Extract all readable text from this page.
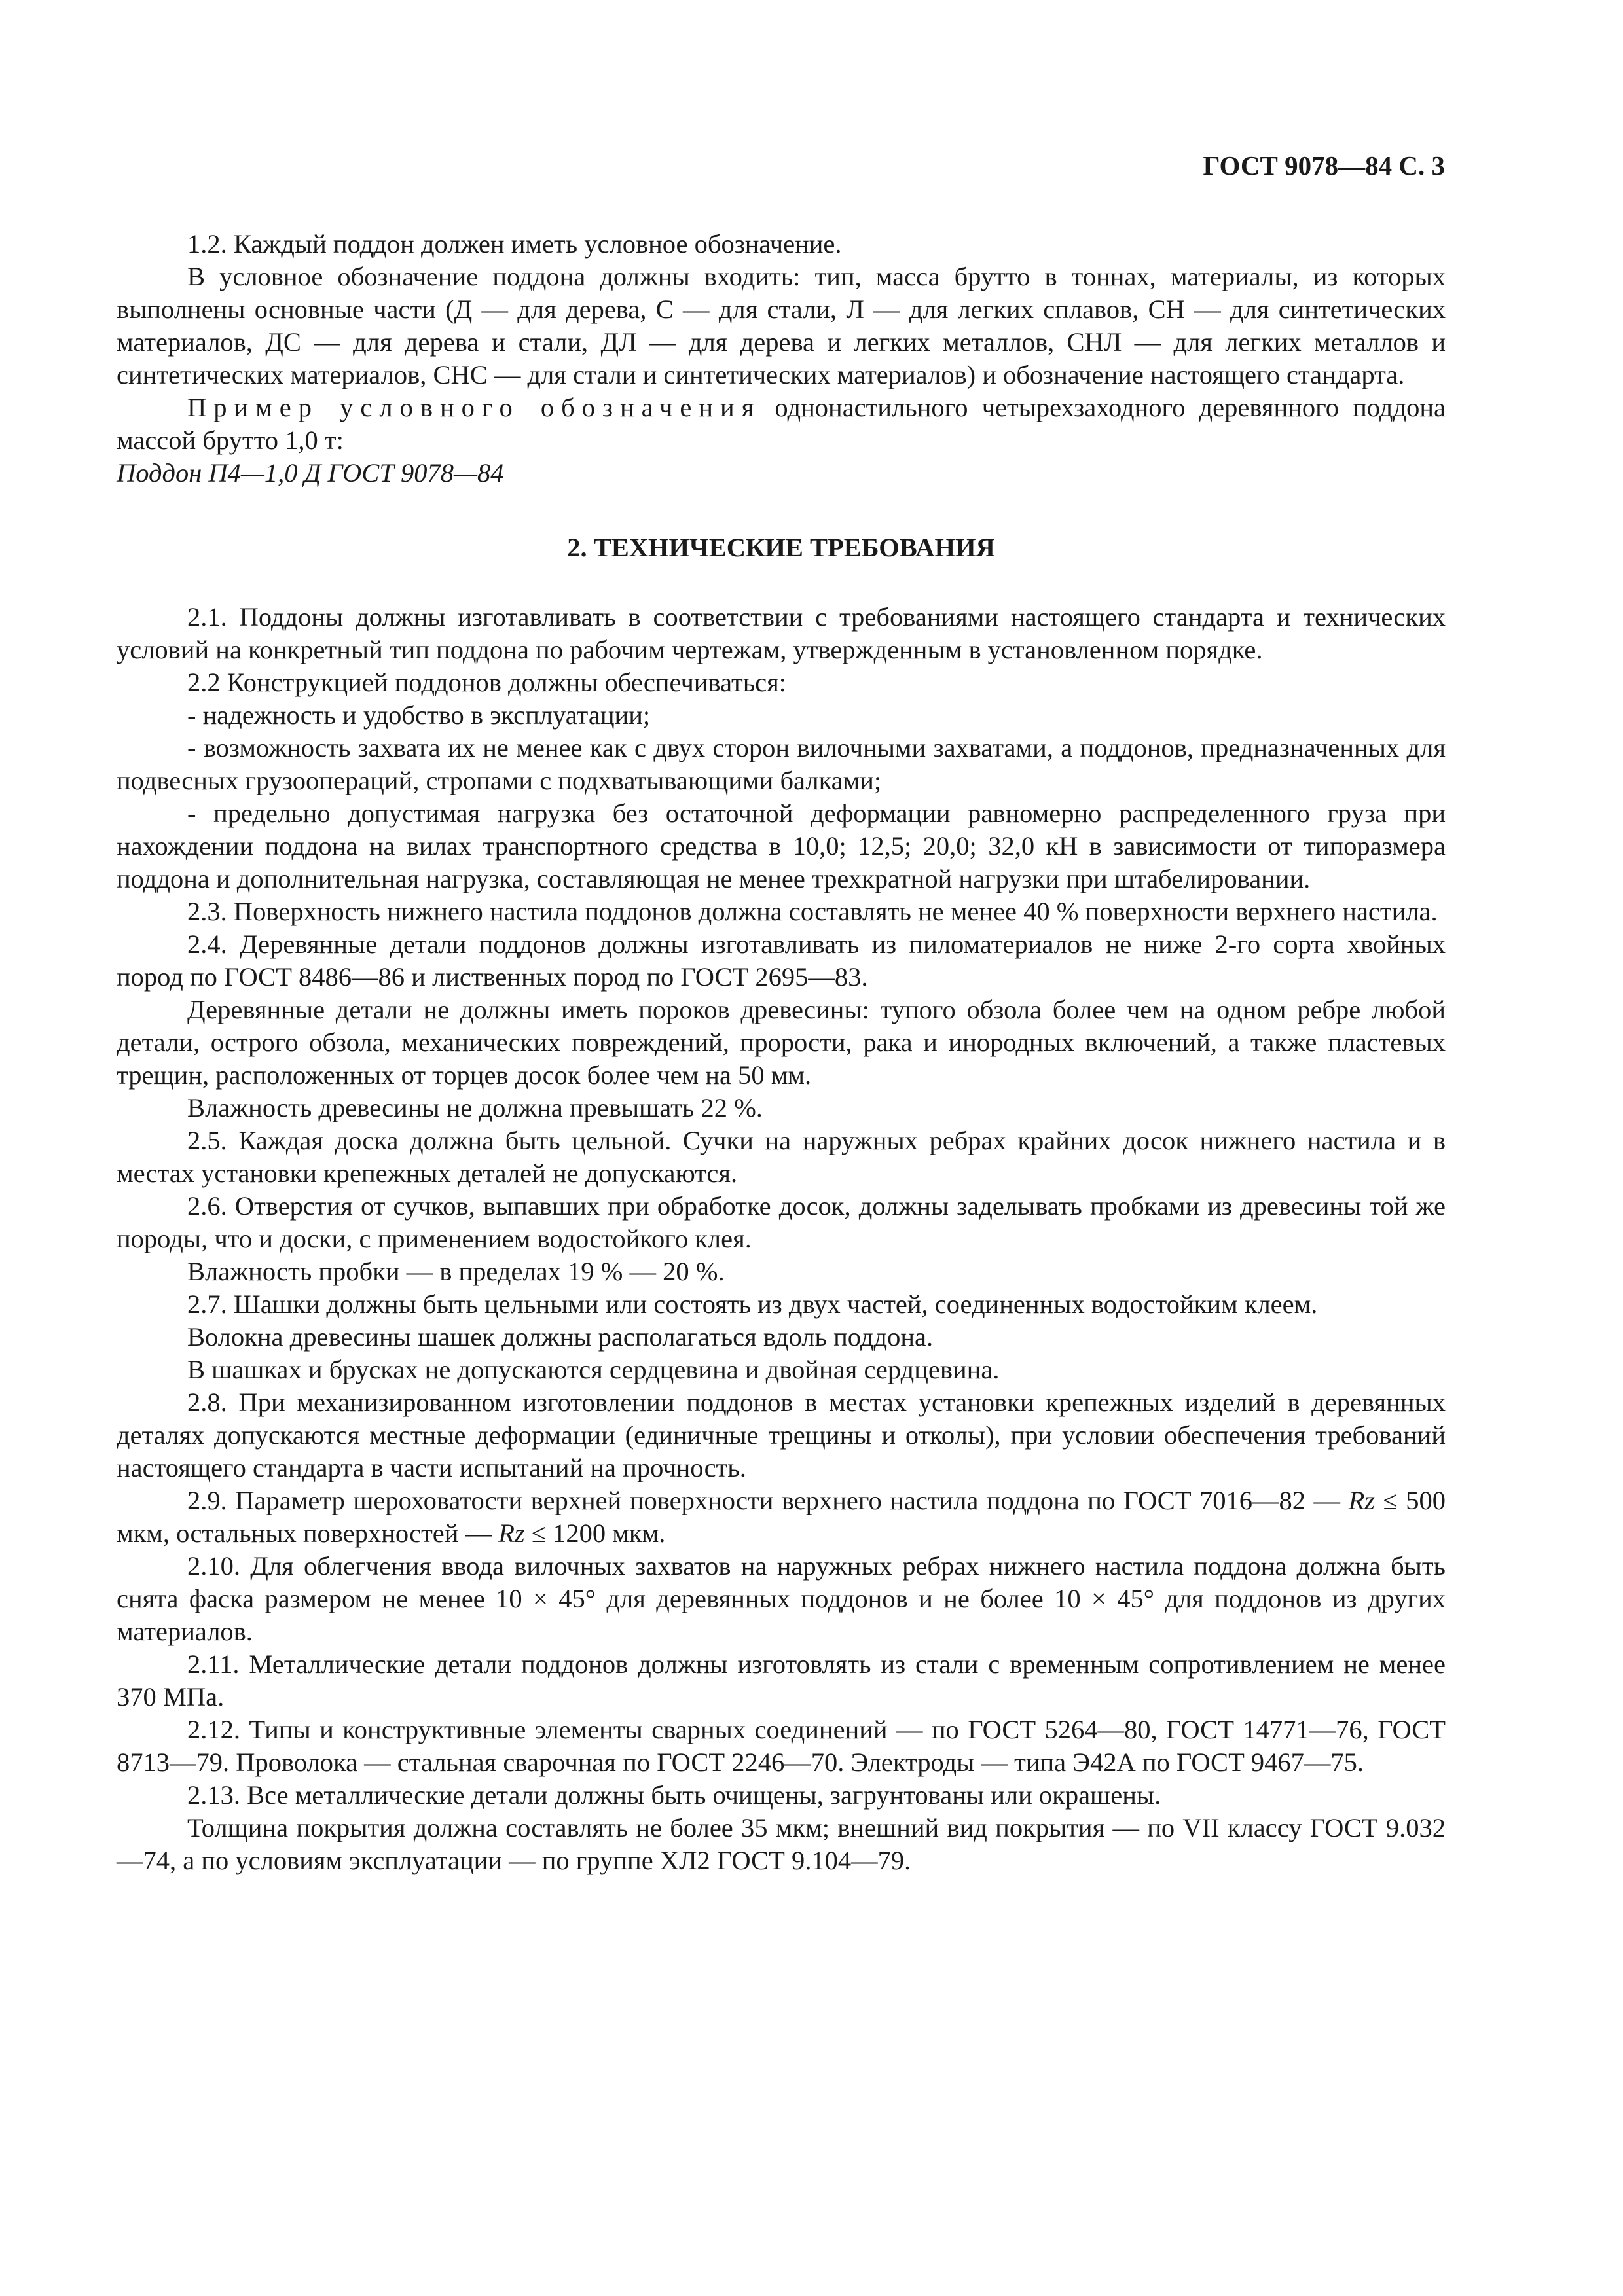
ГОСТ 9078—84 С. 3

1.2. Каждый поддон должен иметь условное обозначение.

В условное обозначение поддона должны входить: тип, масса брутто в тоннах, материалы, из которых выполнены основные части (Д — для дерева, С — для стали, Л — для легких сплавов, СН — для синтетических материалов, ДС — для дерева и стали, ДЛ — для дерева и легких металлов, СНЛ — для легких металлов и синтетических материалов, СНС — для стали и синтетических материалов) и обозначение настоящего стандарта.

Пример условного обозначения однонастильного четырехзаходного деревянного поддона массой брутто 1,0 т:

Поддон П4—1,0 Д ГОСТ 9078—84

2. ТЕХНИЧЕСКИЕ ТРЕБОВАНИЯ

2.1. Поддоны должны изготавливать в соответствии с требованиями настоящего стандарта и технических условий на конкретный тип поддона по рабочим чертежам, утвержденным в установленном порядке.

2.2 Конструкцией поддонов должны обеспечиваться:

- надежность и удобство в эксплуатации;

- возможность захвата их не менее как с двух сторон вилочными захватами, а поддонов, предназначенных для подвесных грузоопераций, стропами с подхватывающими балками;

- предельно допустимая нагрузка без остаточной деформации равномерно распределенного груза при нахождении поддона на вилах транспортного средства в 10,0; 12,5; 20,0; 32,0 кН в зависимости от типоразмера поддона и дополнительная нагрузка, составляющая не менее трехкратной нагрузки при штабелировании.

2.3. Поверхность нижнего настила поддонов должна составлять не менее 40 % поверхности верхнего настила.

2.4. Деревянные детали поддонов должны изготавливать из пиломатериалов не ниже 2-го сорта хвойных пород по ГОСТ 8486—86 и лиственных пород по ГОСТ 2695—83.

Деревянные детали не должны иметь пороков древесины: тупого обзола более чем на одном ребре любой детали, острого обзола, механических повреждений, прорости, рака и инородных включений, а также пластевых трещин, расположенных от торцев досок более чем на 50 мм.

Влажность древесины не должна превышать 22 %.

2.5. Каждая доска должна быть цельной. Сучки на наружных ребрах крайних досок нижнего настила и в местах установки крепежных деталей не допускаются.

2.6. Отверстия от сучков, выпавших при обработке досок, должны заделывать пробками из древесины той же породы, что и доски, с применением водостойкого клея.

Влажность пробки — в пределах 19 % — 20 %.

2.7. Шашки должны быть цельными или состоять из двух частей, соединенных водостойким клеем.

Волокна древесины шашек должны располагаться вдоль поддона.

В шашках и брусках не допускаются сердцевина и двойная сердцевина.

2.8. При механизированном изготовлении поддонов в местах установки крепежных изделий в деревянных деталях допускаются местные деформации (единичные трещины и отколы), при условии обеспечения требований настоящего стандарта в части испытаний на прочность.

2.9. Параметр шероховатости верхней поверхности верхнего настила поддона по ГОСТ 7016—82 — Rz ≤ 500 мкм, остальных поверхностей — Rz ≤ 1200 мкм.

2.10. Для облегчения ввода вилочных захватов на наружных ребрах нижнего настила поддона должна быть снята фаска размером не менее 10 × 45° для деревянных поддонов и не более 10 × 45° для поддонов из других материалов.

2.11. Металлические детали поддонов должны изготовлять из стали с временным сопротивлением не менее 370 МПа.

2.12. Типы и конструктивные элементы сварных соединений — по ГОСТ 5264—80, ГОСТ 14771—76, ГОСТ 8713—79. Проволока — стальная сварочная по ГОСТ 2246—70. Электроды — типа Э42А по ГОСТ 9467—75.

2.13. Все металлические детали должны быть очищены, загрунтованы или окрашены.

Толщина покрытия должна составлять не более 35 мкм; внешний вид покрытия — по VII классу ГОСТ 9.032—74, а по условиям эксплуатации — по группе ХЛ2 ГОСТ 9.104—79.
